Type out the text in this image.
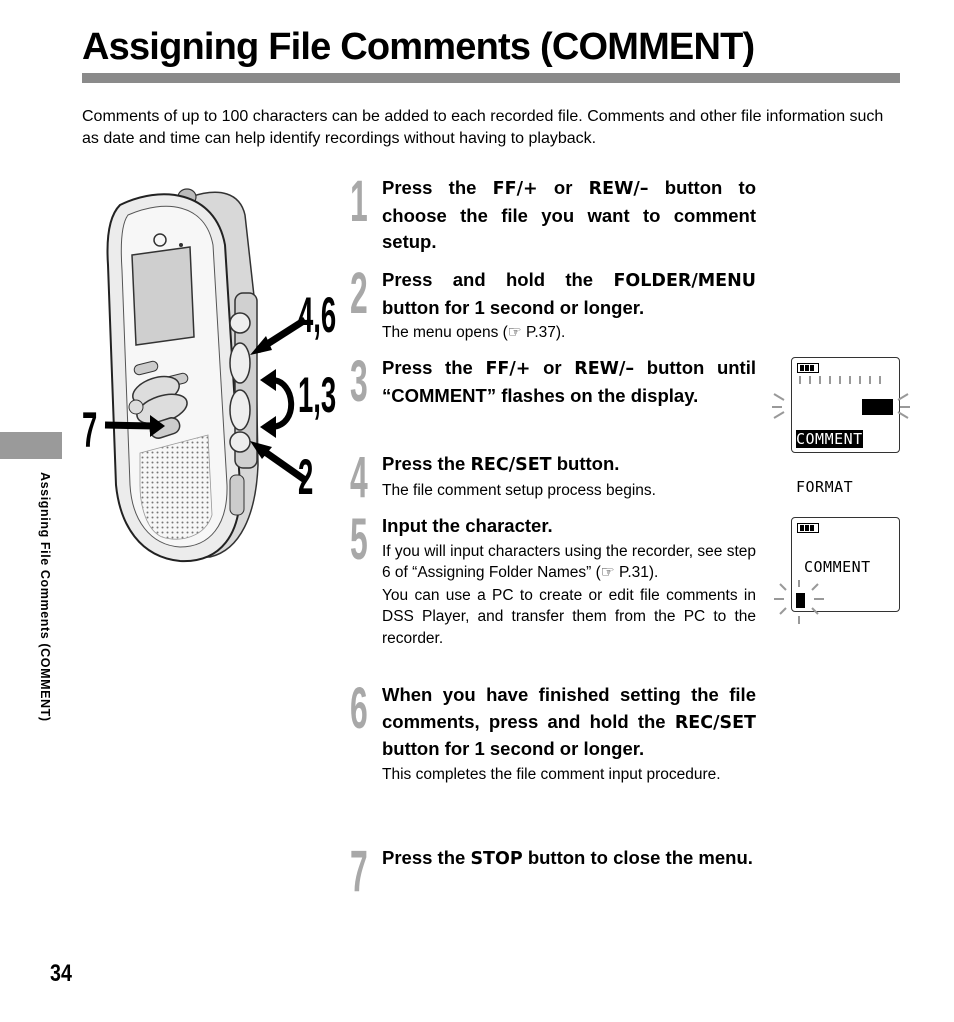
Assigning File Comments (COMMENT)
Comments of up to 100 characters can be added to each recorded file. Comments and other file information such as date and time can help identify recordings without having to playback.
Assigning File Comments (COMMENT)
4,6
1,3
2
7
1 Press the FF/+ or REW/– button to choose the file you want to comment setup.
2 Press and hold the FOLDER/MENU button for 1 second or longer.
The menu opens (☞ P.37).
3 Press the FF/+ or REW/– button until “COMMENT” flashes on the display.
4 Press the REC/SET button.
The file comment setup process begins.
5 Input the character.
If you will input characters using the recorder, see step 6 of “Assigning Folder Names” (☞ P.31).
You can use a PC to create or edit file comments in DSS Player, and transfer them from the PC to the recorder.
6 When you have finished setting the file comments, press and hold the REC/SET button for 1 second or longer.
This completes the file comment input procedure.
7 Press the STOP button to close the menu.

COMMENT

FORMAT

COMMENT
34
